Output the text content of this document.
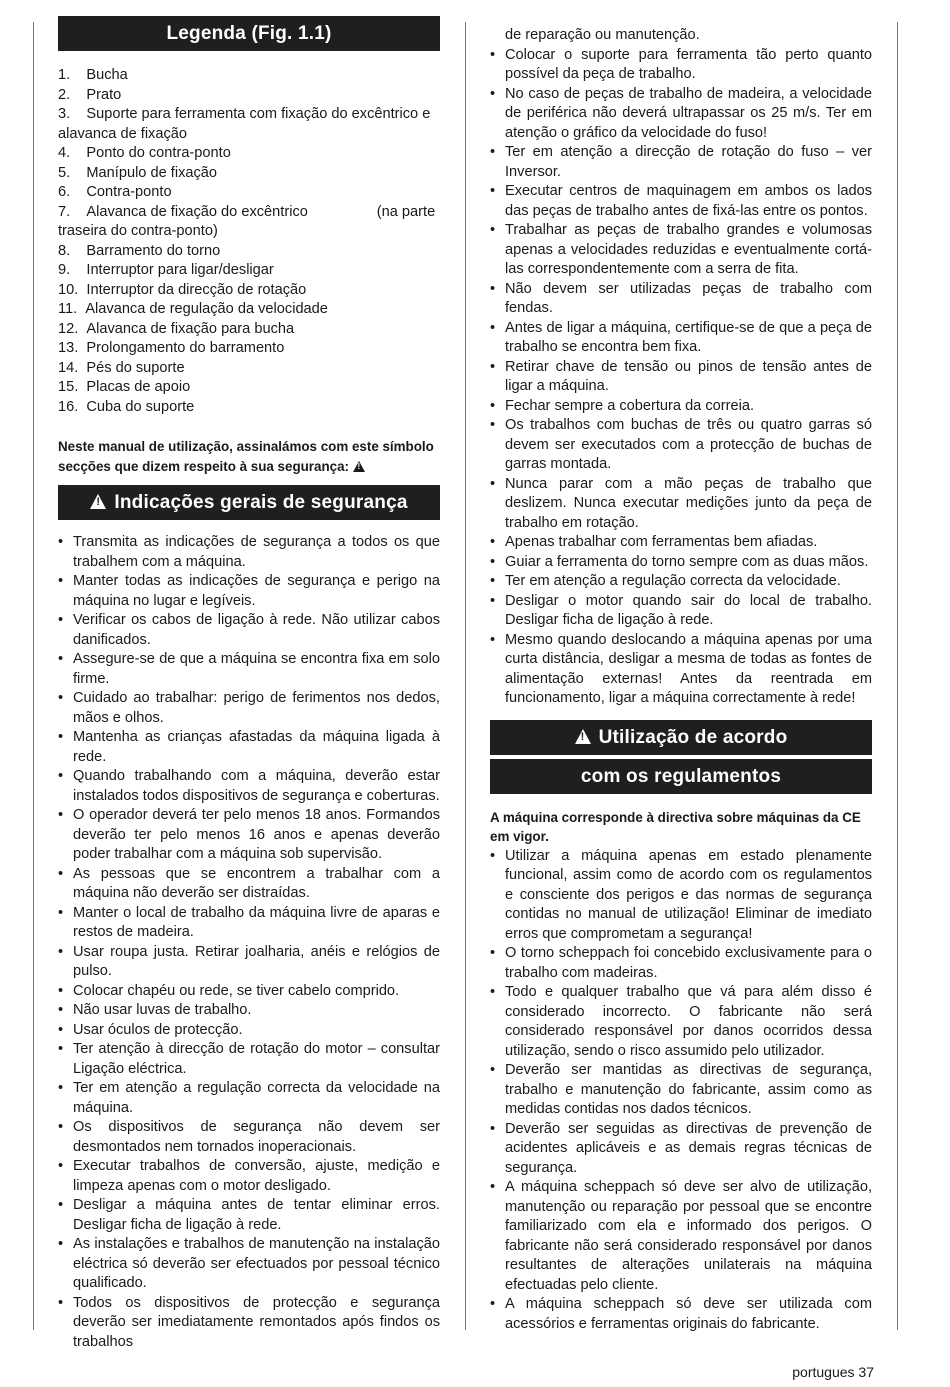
Legenda (Fig. 1.1)
1.    Bucha
2.    Prato
3.    Suporte para ferramenta com fixação do excêntrico e alavanca de fixação
4.    Ponto do contra-ponto
5.    Manípulo de fixação
6.    Contra-ponto
7.    Alavanca de fixação do excêntrico                 (na parte traseira do contra-ponto)
8.    Barramento do torno
9.    Interruptor para ligar/desligar
10.  Interruptor da direcção de rotação
11.  Alavanca de regulação da velocidade
12.  Alavanca de fixação para bucha
13.  Prolongamento do barramento
14.  Pés do suporte
15.  Placas de apoio
16.  Cuba do suporte
Neste manual de utilização, assinalámos com este símbolo secções que dizem respeito à sua segurança:!
!Indicações gerais de segurança
• Transmita as indicações de segurança a todos os que trabalhem com a máquina.
• Manter todas as indicações de segurança e perigo na máquina no lugar e legíveis.
• Verificar os cabos de ligação à rede. Não utilizar cabos danificados.
• Assegure-se de que a máquina se encontra fixa em solo firme.
• Cuidado ao trabalhar: perigo de ferimentos nos dedos, mãos e olhos.
• Mantenha as crianças afastadas da máquina ligada à rede.
• Quando trabalhando com a máquina, deverão estar instalados todos dispositivos de segurança e coberturas.
• O operador deverá ter pelo menos 18 anos. Formandos deverão ter pelo menos 16 anos e apenas deverão poder trabalhar com a máquina sob supervisão.
• As pessoas que se encontrem a trabalhar com a máquina não deverão ser distraídas.
• Manter o local de trabalho da máquina livre de aparas e restos de madeira.
• Usar roupa justa. Retirar joalharia, anéis e relógios de pulso.
• Colocar chapéu ou rede, se tiver cabelo comprido.
• Não usar luvas de trabalho.
• Usar óculos de protecção.
• Ter atenção à direcção de rotação do motor – consultar Ligação eléctrica.
• Ter em atenção a regulação correcta da velocidade na máquina.
• Os dispositivos de segurança não devem ser desmontados nem tornados inoperacionais.
• Executar trabalhos de conversão, ajuste, medição e limpeza apenas com o motor desligado.
• Desligar a máquina antes de tentar eliminar erros. Desligar ficha de ligação à rede.
• As instalações e trabalhos de manutenção na instalação eléctrica só deverão ser efectuados por pessoal técnico qualificado.
• Todos os dispositivos de protecção e segurança deverão ser imediatamente remontados após findos os trabalhos
de reparação ou manutenção.
• Colocar o suporte para ferramenta tão perto quanto possível da peça de trabalho.
• No caso de peças de trabalho de madeira, a velocidade de periférica não deverá ultrapassar os 25 m/s. Ter em atenção o gráfico da velocidade do fuso!
• Ter em atenção a direcção de rotação do fuso – ver Inversor.
• Executar centros de maquinagem em ambos os lados das peças de trabalho antes de fixá-las entre os pontos.
• Trabalhar as peças de trabalho grandes e volumosas apenas a velocidades reduzidas e eventualmente cortá-las correspondentemente com a serra de fita.
• Não devem ser utilizadas peças de trabalho com fendas.
• Antes de ligar a máquina, certifique-se de que a peça de trabalho se encontra bem fixa.
• Retirar chave de tensão ou pinos de tensão antes de ligar a máquina.
• Fechar sempre a cobertura da correia.
• Os trabalhos com buchas de três ou quatro garras só devem ser executados com a protecção de buchas de garras montada.
• Nunca parar com a mão peças de trabalho que deslizem. Nunca executar medições junto da peça de trabalho em rotação.
• Apenas trabalhar com ferramentas bem afiadas.
• Guiar a ferramenta do torno sempre com as duas mãos.
• Ter em atenção a regulação correcta da velocidade.
• Desligar o motor quando sair do local de trabalho. Desligar ficha de ligação à rede.
• Mesmo quando deslocando a máquina apenas por uma curta distância, desligar a mesma de todas as fontes de alimentação externas! Antes da reentrada em funcionamento, ligar a máquina correctamente à rede!
!Utilização de acordo
com os regulamentos
A máquina corresponde à directiva sobre máquinas da CE em vigor.
• Utilizar a máquina apenas em estado plenamente funcional, assim como de acordo com os regulamentos e consciente dos perigos e das normas de segurança contidas no manual de utilização! Eliminar de imediato erros que comprometam a segurança!
• O torno scheppach foi concebido exclusivamente para o trabalho com madeiras.
• Todo e qualquer trabalho que vá para além disso é considerado incorrecto. O fabricante não será considerado responsável por danos ocorridos dessa utilização, sendo o risco assumido pelo utilizador.
• Deverão ser mantidas as directivas de segurança, trabalho e manutenção do fabricante, assim como as medidas contidas nos dados técnicos.
• Deverão ser seguidas as directivas de prevenção de acidentes aplicáveis e as demais regras técnicas de segurança.
• A máquina scheppach só deve ser alvo de utilização, manutenção ou reparação por pessoal que se encontre familiarizado com ela e informado dos perigos. O fabricante não será considerado responsável por danos resultantes de alterações unilaterais na máquina efectuadas pelo cliente.
• A máquina scheppach só deve ser utilizada com acessórios e ferramentas originais do fabricante.
portugues 37
